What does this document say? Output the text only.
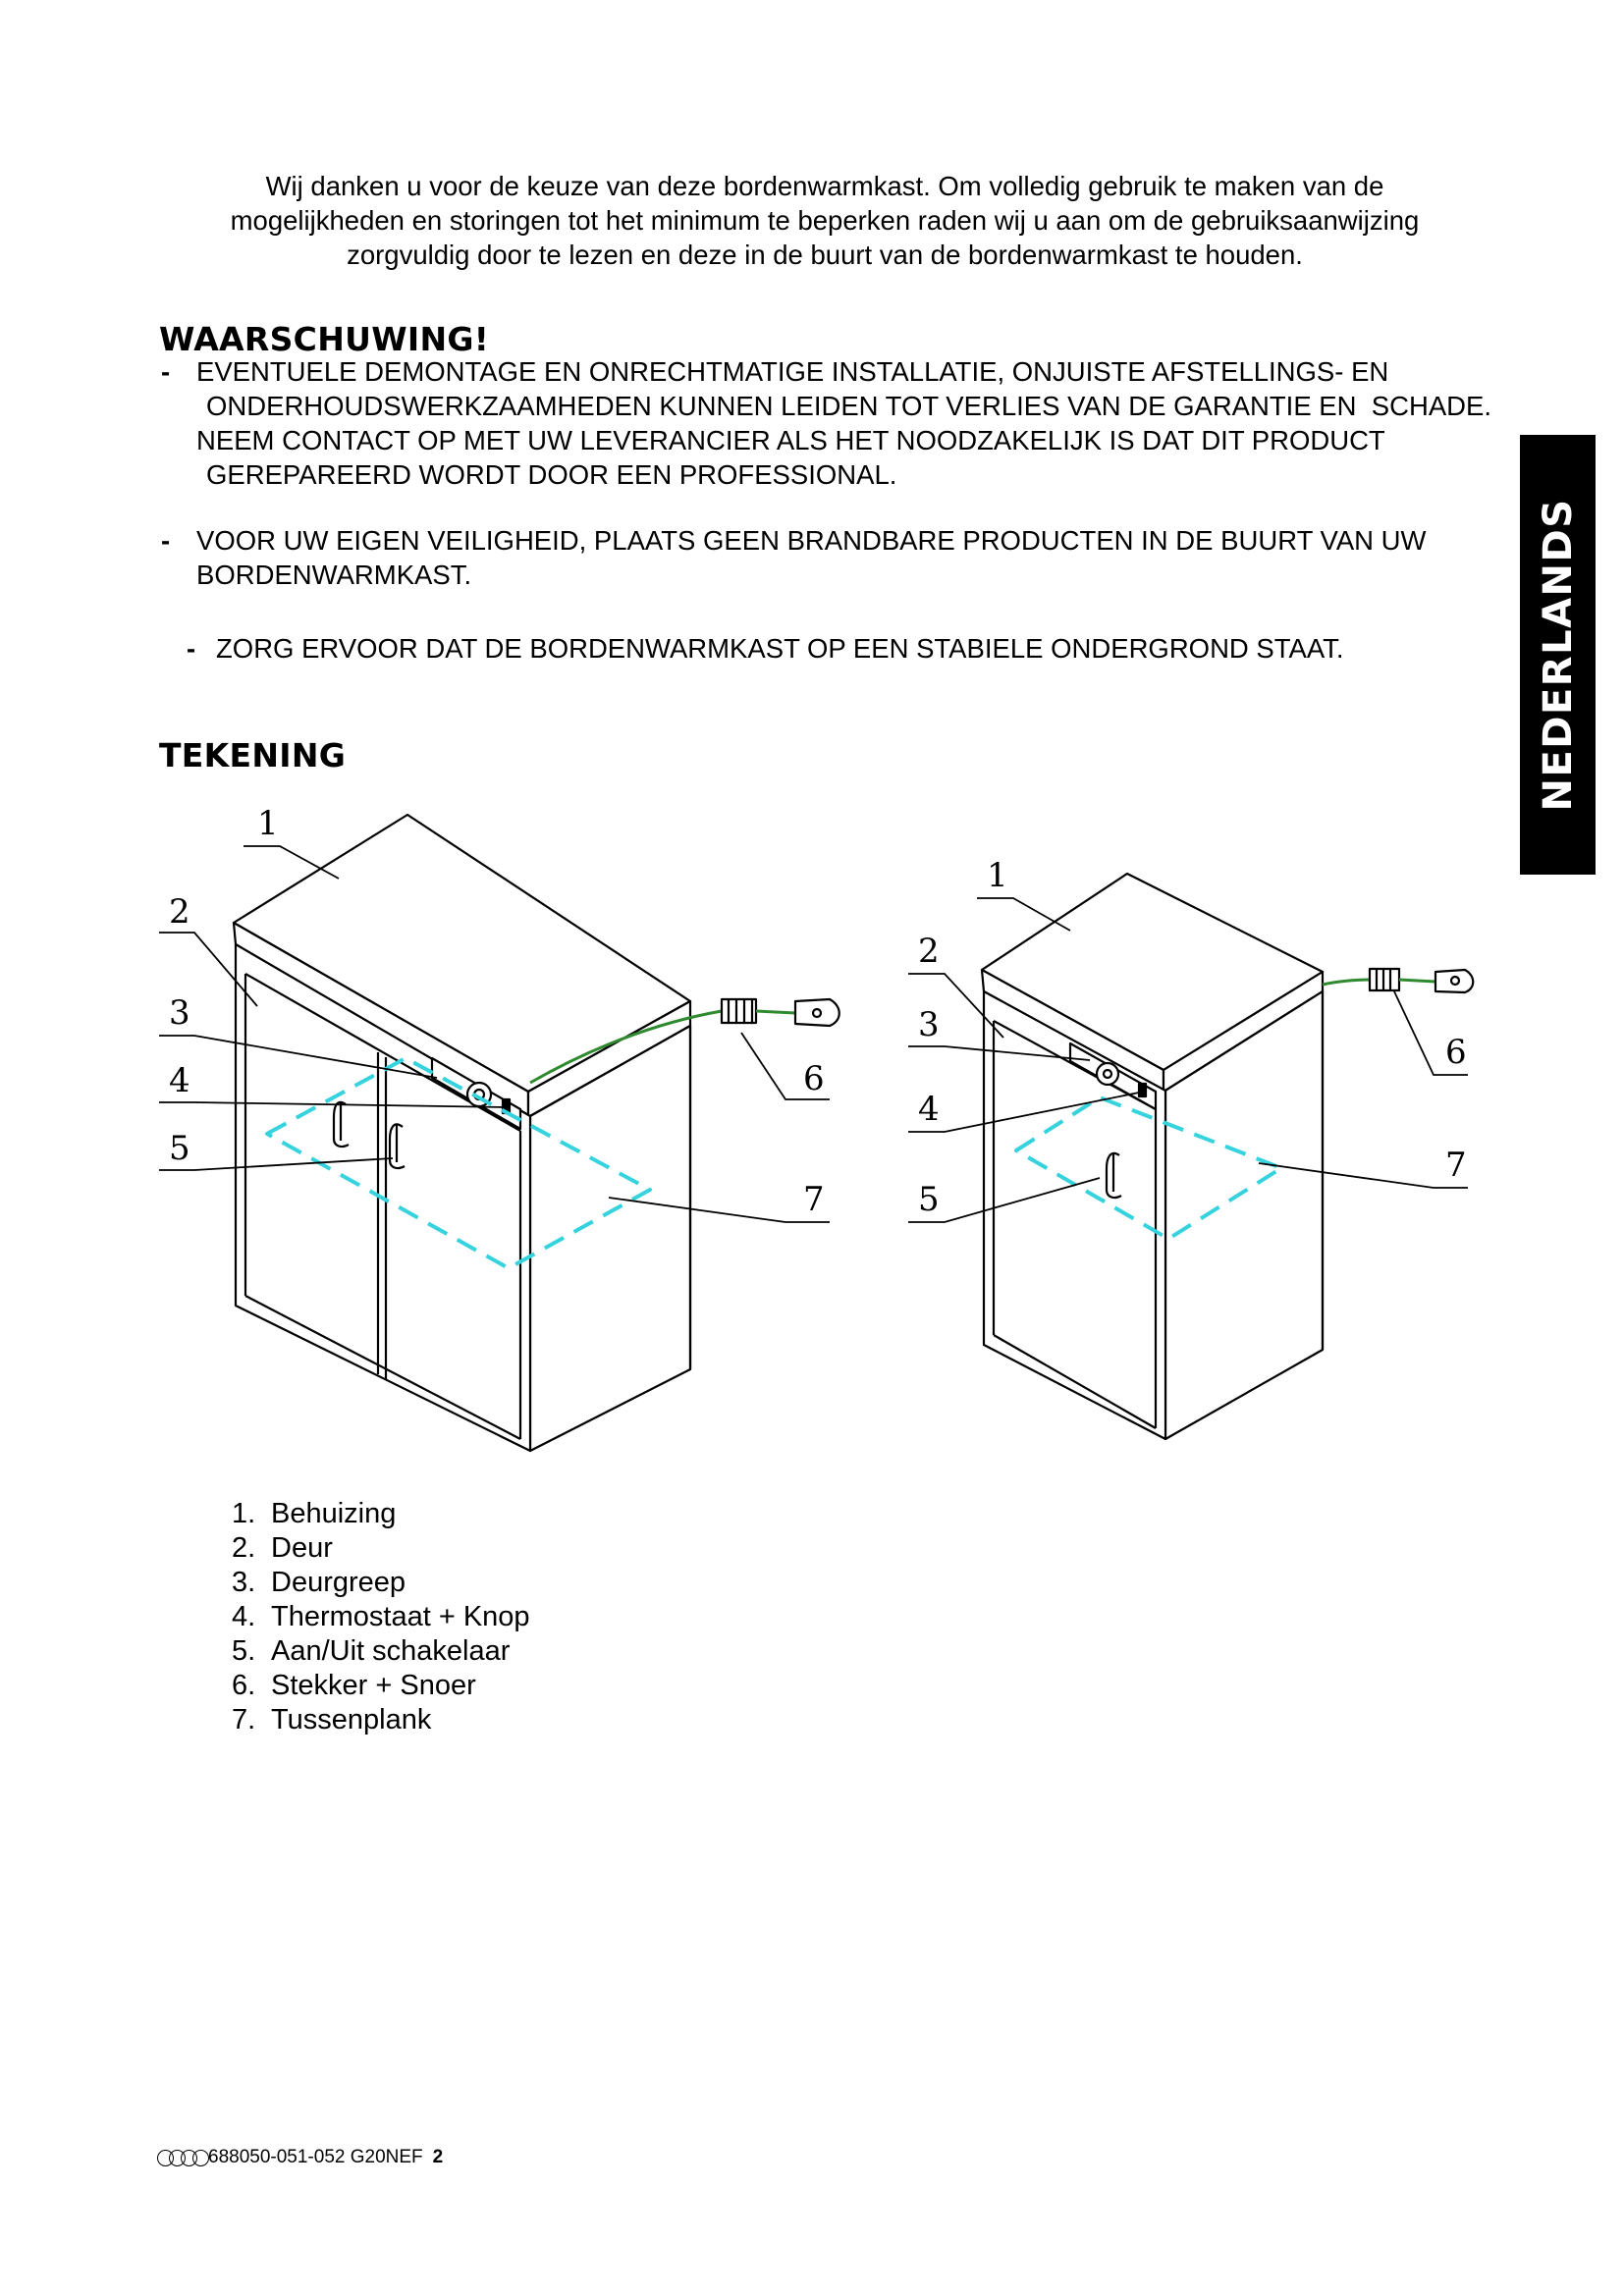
Wij danken u voor de keuze van deze bordenwarmkast. Om volledig gebruik te maken van de
mogelijkheden en storingen tot het minimum te beperken raden wij u aan om de gebruiksaanwijzing
zorgvuldig door te lezen en deze in de buurt van de bordenwarmkast te houden.
WAARSCHUWING!
- EVENTUELE DEMONTAGE EN ONRECHTMATIGE INSTALLATIE, ONJUISTE AFSTELLINGS- EN
ONDERHOUDSWERKZAAMHEDEN KUNNEN LEIDEN TOT VERLIES VAN DE GARANTIE EN  SCHADE.
NEEM CONTACT OP MET UW LEVERANCIER ALS HET NOODZAKELIJK IS DAT DIT PRODUCT
GEREPAREERD WORDT DOOR EEN PROFESSIONAL.
- VOOR UW EIGEN VEILIGHEID, PLAATS GEEN BRANDBARE PRODUCTEN IN DE BUURT VAN UW
BORDENWARMKAST.
- ZORG ERVOOR DAT DE BORDENWARMKAST OP EEN STABIELE ONDERGROND STAAT.	NEDERLANDS
TEKENING
1
2
3
4
5
6
7
1
2
3
4
5
6
7
1. Behuizing
2. Deur
3. Deurgreep
4. Thermostaat + Knop
5. Aan/Uit schakelaar
6. Stekker + Snoer
7. Tussenplank
688050-051-052 G20NEF 2
